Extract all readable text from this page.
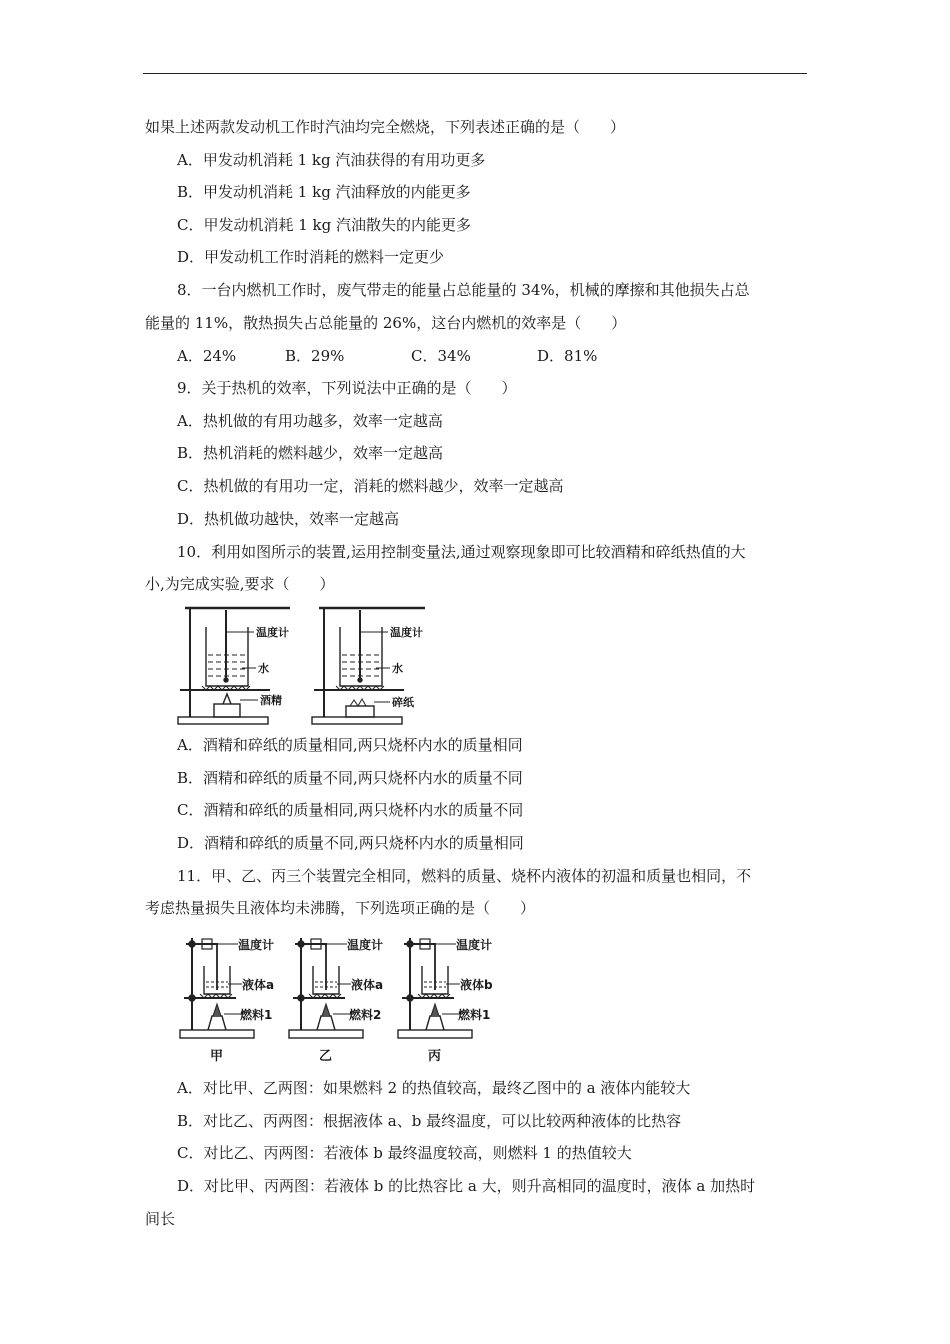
如果上述两款发动机工作时汽油均完全燃烧，下列表述正确的是（　　）
A．甲发动机消耗 1 kg 汽油获得的有用功更多
B．甲发动机消耗 1 kg 汽油释放的内能更多
C．甲发动机消耗 1 kg 汽油散失的内能更多
D．甲发动机工作时消耗的燃料一定更少
8．一台内燃机工作时，废气带走的能量占总能量的 34%，机械的摩擦和其他损失占总
能量的 11%，散热损失占总能量的 26%，这台内燃机的效率是（　　）
A．24%	B．29%	C．34%	D．81%
9．关于热机的效率，下列说法中正确的是（　　）
A．热机做的有用功越多，效率一定越高
B．热机消耗的燃料越少，效率一定越高
C．热机做的有用功一定，消耗的燃料越少，效率一定越高
D．热机做功越快，效率一定越高
10．利用如图所示的装置,运用控制变量法,通过观察现象即可比较酒精和碎纸热值的大
小,为完成实验,要求（　　）
温度计
水
酒精
温度计
水
碎纸
A．酒精和碎纸的质量相同,两只烧杯内水的质量相同
B．酒精和碎纸的质量不同,两只烧杯内水的质量不同
C．酒精和碎纸的质量相同,两只烧杯内水的质量不同
D．酒精和碎纸的质量不同,两只烧杯内水的质量相同
11．甲、乙、丙三个装置完全相同，燃料的质量、烧杯内液体的初温和质量也相同，不
考虑热量损失且液体均未沸腾，下列选项正确的是（　　）
温度计
液体a
燃料1
甲
温度计
液体a
燃料2
乙
温度计
液体b
燃料1
丙
A．对比甲、乙两图：如果燃料 2 的热值较高，最终乙图中的 a 液体内能较大
B．对比乙、丙两图：根据液体 a、b 最终温度，可以比较两种液体的比热容
C．对比乙、丙两图：若液体 b 最终温度较高，则燃料 1 的热值较大
D．对比甲、丙两图：若液体 b 的比热容比 a 大，则升高相同的温度时，液体 a 加热时
间长
